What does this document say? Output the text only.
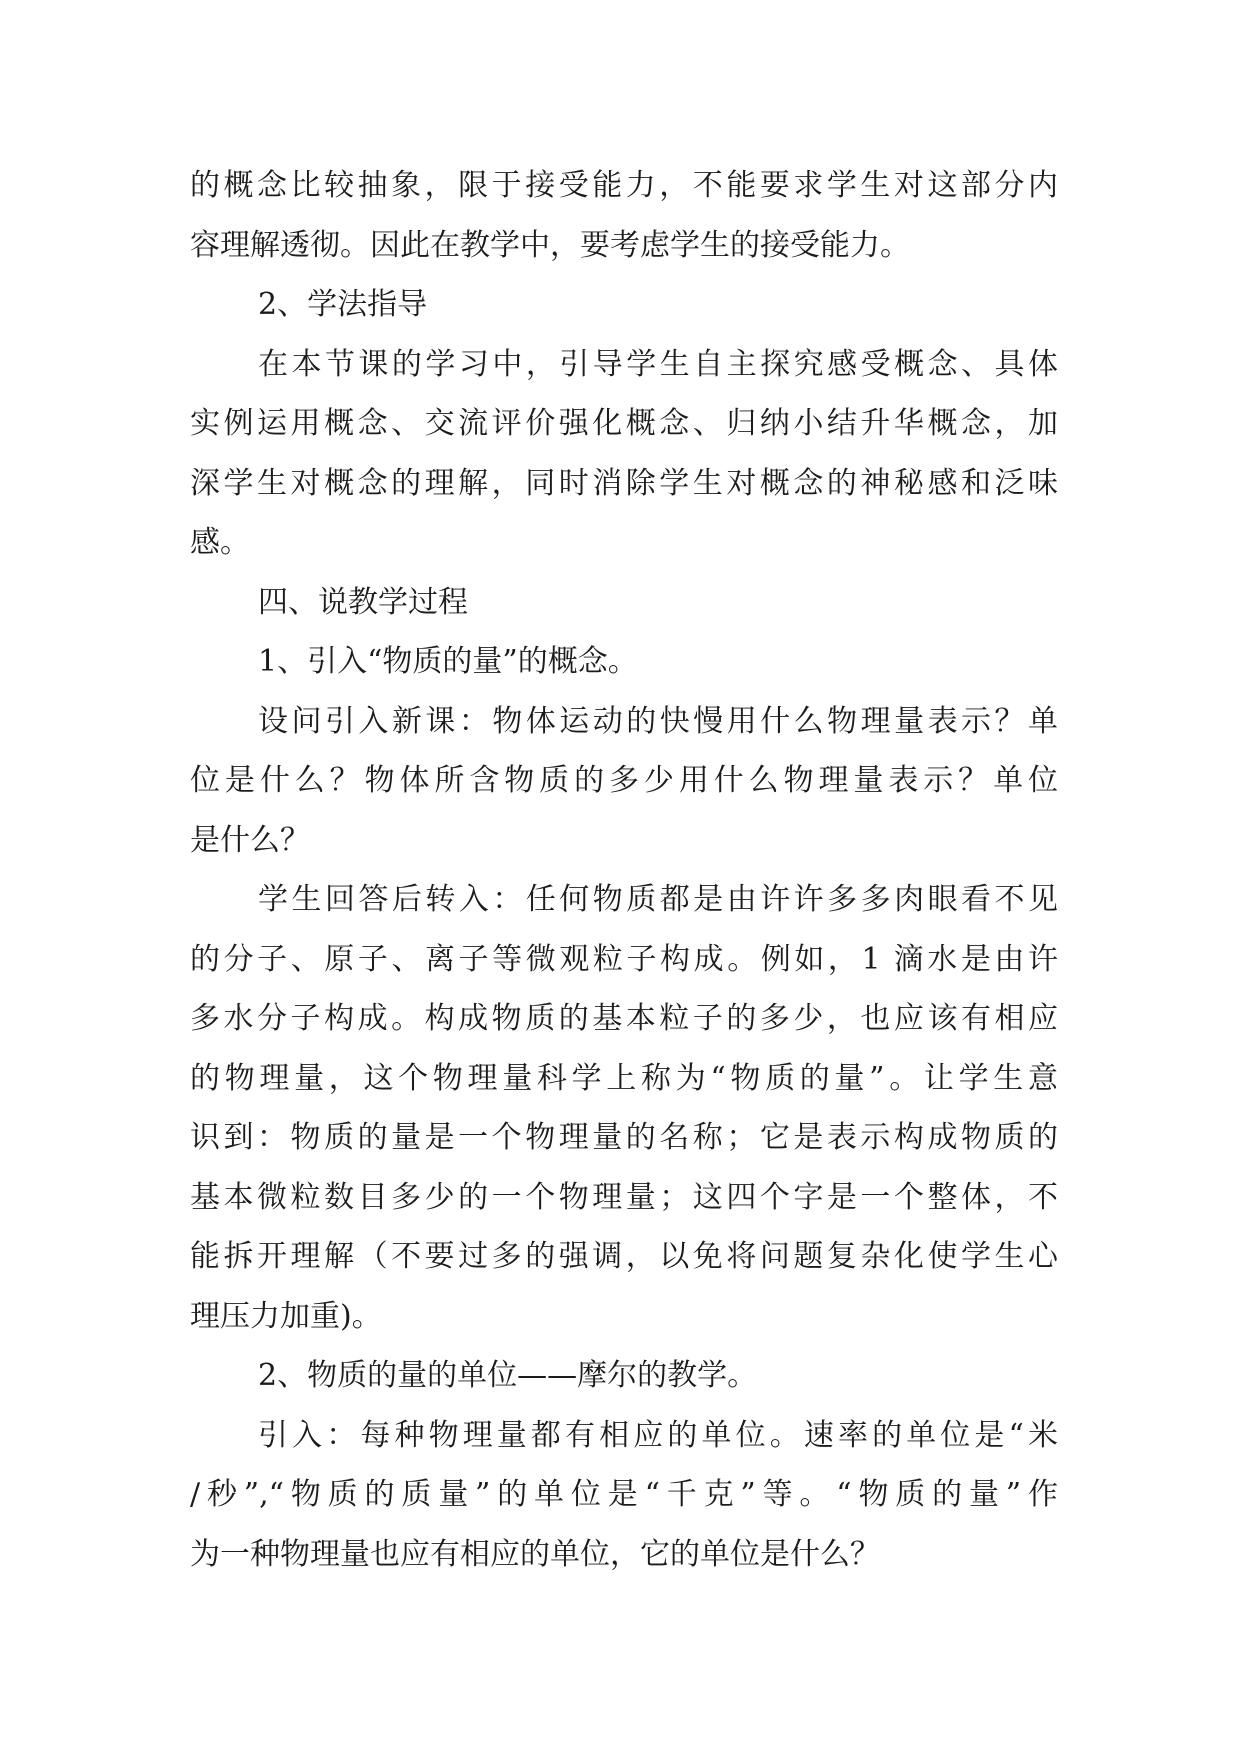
的概念比较抽象，限于接受能力，不能要求学生对这部分内
容理解透彻。因此在教学中，要考虑学生的接受能力。
2、学法指导
在本节课的学习中，引导学生自主探究感受概念、具体
实例运用概念、交流评价强化概念、归纳小结升华概念，加
深学生对概念的理解，同时消除学生对概念的神秘感和泛味
感。
四、说教学过程
1、引入“物质的量”的概念。
设问引入新课：物体运动的快慢用什么物理量表示？单
位是什么？物体所含物质的多少用什么物理量表示？单位
是什么？
学生回答后转入：任何物质都是由许许多多肉眼看不见
的分子、原子、离子等微观粒子构成。例如，1 滴水是由许
多水分子构成。构成物质的基本粒子的多少，也应该有相应
的物理量，这个物理量科学上称为“物质的量”。让学生意
识到：物质的量是一个物理量的名称；它是表示构成物质的
基本微粒数目多少的一个物理量；这四个字是一个整体，不
能拆开理解（不要过多的强调，以免将问题复杂化使学生心
理压力加重)。
2、物质的量的单位——摩尔的教学。
引入：每种物理量都有相应的单位。速率的单位是“米
/秒”,“物质的质量”的单位是“千克”等。“物质的量”作
为一种物理量也应有相应的单位，它的单位是什么？
